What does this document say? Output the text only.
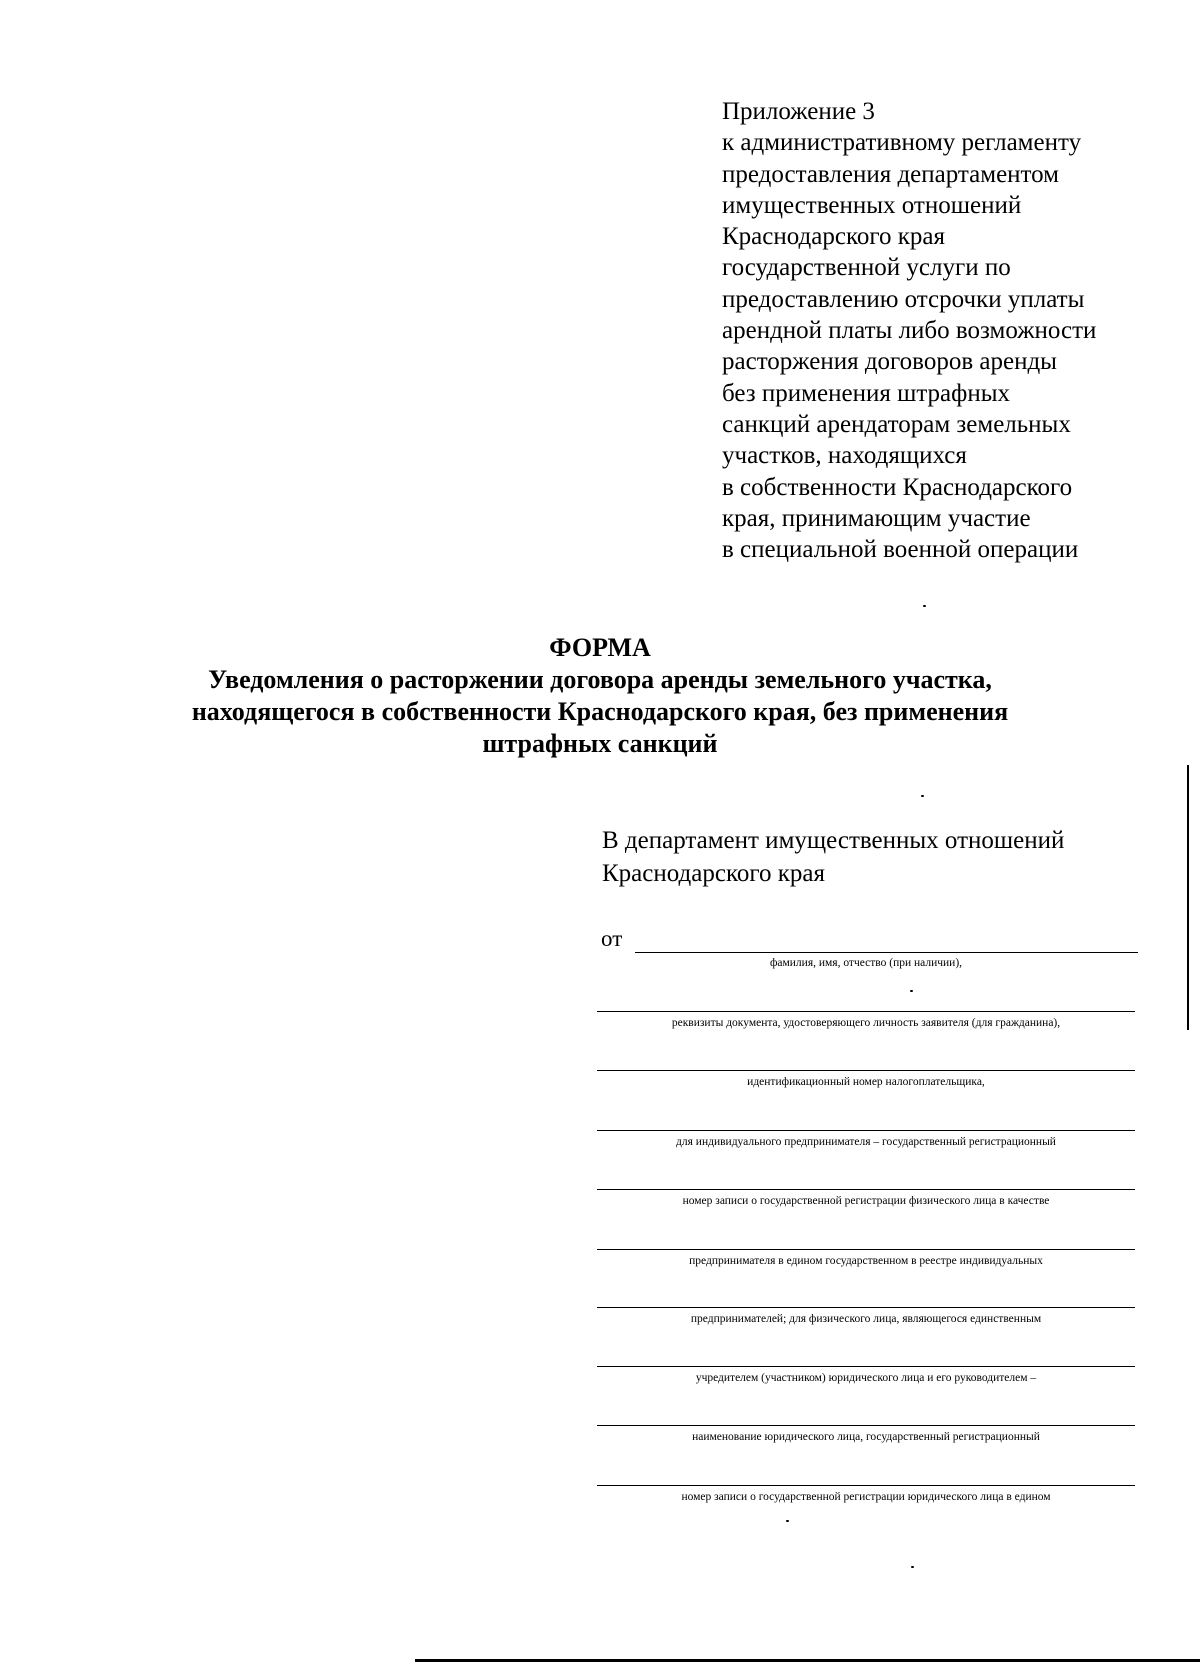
Приложение 3
к административному регламенту
предоставления департаментом
имущественных отношений
Краснодарского края
государственной услуги по
предоставлению отсрочки уплаты
арендной платы либо возможности
расторжения договоров аренды
без применения штрафных
санкций арендаторам земельных
участков, находящихся
в собственности Краснодарского
края, принимающим участие
в специальной военной операции
ФОРМА
Уведомления о расторжении договора аренды земельного участка,
находящегося в собственности Краснодарского края, без применения
штрафных санкций
В департамент имущественных отношений
Краснодарского края
от
фамилия, имя, отчество (при наличии),
реквизиты документа, удостоверяющего личность заявителя (для гражданина),
идентификационный номер налогоплательщика,
для индивидуального предпринимателя – государственный регистрационный
номер записи о государственной регистрации физического лица в качестве
предпринимателя в едином государственном в реестре индивидуальных
предпринимателей; для физического лица, являющегося единственным
учредителем (участником) юридического лица и его руководителем –
наименование юридического лица, государственный регистрационный
номер записи о государственной регистрации юридического лица в едином
